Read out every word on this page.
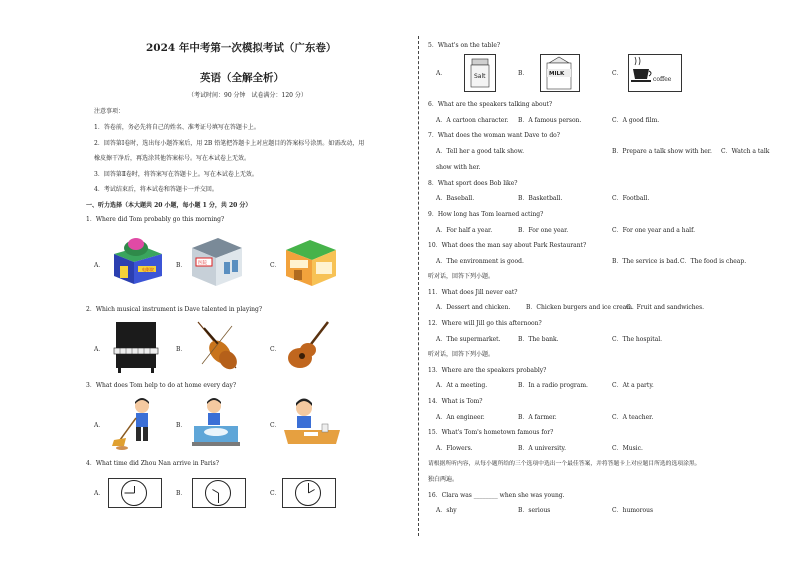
2024 年中考第一次模拟考试（广东卷）
英语（全解全析）
（考试时间：90 分钟　试卷满分：120 分）
注意事项：
1．答卷前，务必先将自己的姓名、准考证号填写在答题卡上。
2．回答第Ⅰ卷时，选出每小题答案后，用 2B 铅笔把答题卡上对应题目的答案标号涂黑。如需改动，用
橡皮擦干净后，再选涂其他答案标号。写在本试卷上无效。
3．回答第Ⅱ卷时，将答案写在答题卡上。写在本试卷上无效。
4．考试结束后，将本试卷和答题卡一并交回。
一、听力选择（本大题共 20 小题，每小题 1 分，共 20 分）
1．Where did Tom probably go this morning?
A．
电影院
B．	医院	C．
2．Which musical instrument is Dave talented in playing?
A．	B．	C．
3．What does Tom help to do at home every day?
A．	B．	C．
4．What time did Zhou Nan arrive in Paris?
A．	B．	C．
5．What's on the table?
A．	Salt	B．	MILK	C．
coffee
6．What are the speakers talking about?
A．A cartoon character. B．A famous person.	C．A good film.
7．What does the woman want Dave to do?
A．Tell her a good talk show.	B．Prepare a talk show with her. C．Watch a talk
show with her.
8．What sport does Bob like?
A．Baseball.	B．Basketball.	C．Football.
9．How long has Tom learned acting?
A．For half a year.	B．For one year.	C．For one year and a half.
10．What does the man say about Park Restaurant?
A．The environment is good.	B．The service is bad. C．The food is cheap.
听对话，回答下列小题。
11．What does Jill never eat?
A．Dessert and chicken.	B．Chicken burgers and ice cream.
C．Fruit and sandwiches.
12．Where will Jill go this afternoon?
A．The supermarket.	B．The bank.	C．The hospital.
听对话，回答下列小题。
13．Where are the speakers probably?
A．At a meeting.	B．In a radio program.	C．At a party.
14．What is Tom?
A．An engineer.	B．A farmer.	C．A teacher.
15．What's Tom's hometown famous for?
A．Flowers.	B．A university.	C．Music.
请根据所听内容，从每小题所给的三个选项中选出一个最佳答案，并将答题卡上对应题目所选的选项涂黑。
独白两遍。
16．Clara was ________ when she was young.
A．shy	B．serious	C．humorous
